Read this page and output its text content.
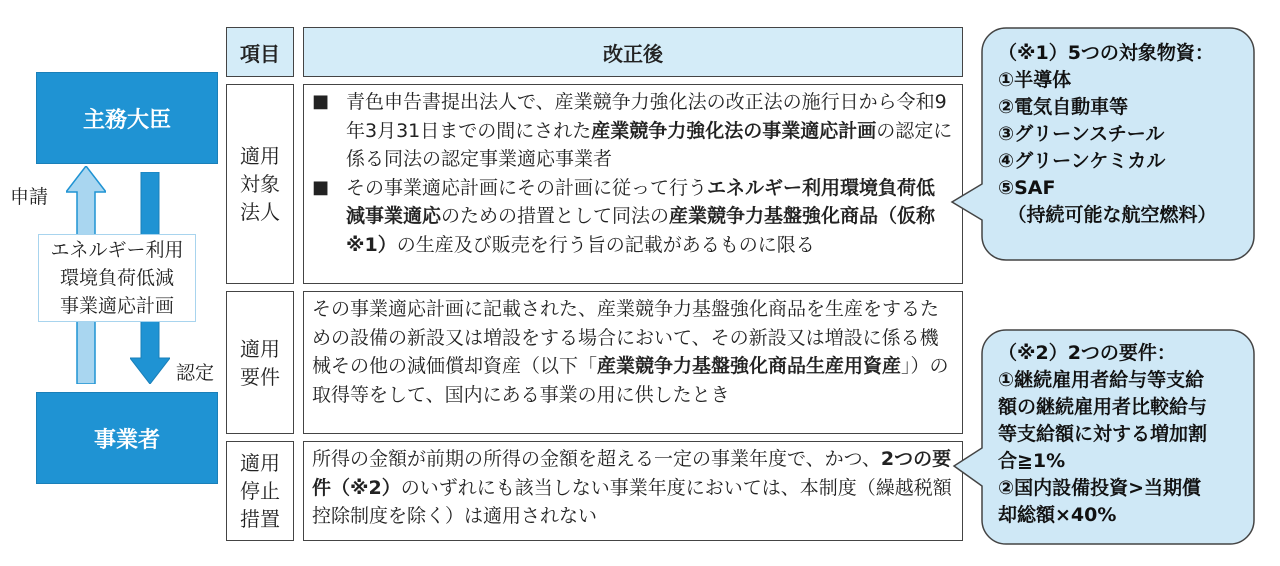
主務大臣
申請
認定
エネルギー利用
環境負荷低減
事業適応計画
事業者
項目	改正後
適用
対象
法人
■ 青色申告書提出法人で、産業競争力強化法の改正法の施行日から令和9年3月31日までの間にされた産業競争力強化法の事業適応計画の認定に係る同法の認定事業適応事業者
■ その事業適応計画にその計画に従って行うエネルギー利用環境負荷低減事業適応のための措置として同法の産業競争力基盤強化商品（仮称※1）の生産及び販売を行う旨の記載があるものに限る
適用
要件
その事業適応計画に記載された、産業競争力基盤強化商品を生産をするための設備の新設又は増設をする場合において、その新設又は増設に係る機械その他の減価償却資産（以下「産業競争力基盤強化商品生産用資産」）の取得等をして、国内にある事業の用に供したとき
適用
停止
措置
所得の金額が前期の所得の金額を超える一定の事業年度で、かつ、2つの要件（※2）のいずれにも該当しない事業年度においては、本制度（繰越税額控除制度を除く）は適用されない
（※1）5つの対象物資：
①半導体
②電気自動車等
③グリーンスチール
④グリーンケミカル
⑤SAF
　（持続可能な航空燃料）
（※2）2つの要件：
①継続雇用者給与等支給
額の継続雇用者比較給与
等支給額に対する増加割
合≧1%
②国内設備投資>当期償
却総額×40%
